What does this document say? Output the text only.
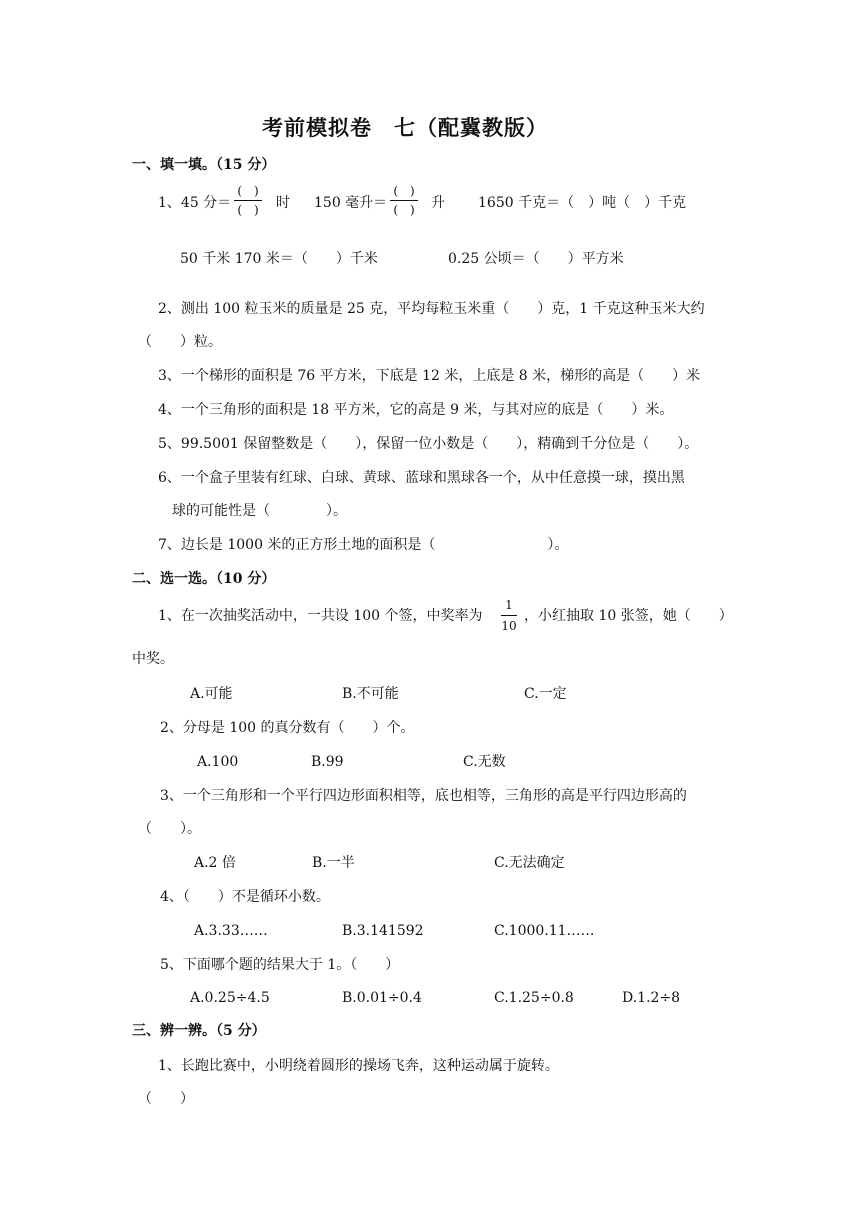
考前模拟卷　七（配冀教版）
一、填一填。（15 分）
1、45 分＝
(　)
(　) 时 150 毫升＝
(　)
(　) 升 1650 千克＝（　）吨（　）千克
50 千米 170 米＝（　　）千米	0.25 公顷＝（　　）平方米
2、测出 100 粒玉米的质量是 25 克，平均每粒玉米重（　　）克，1 千克这种玉米大约
（　　）粒。
3、一个梯形的面积是 76 平方米，下底是 12 米，上底是 8 米，梯形的高是（　　）米
4、一个三角形的面积是 18 平方米，它的高是 9 米，与其对应的底是（　　）米。
5、99.5001 保留整数是（　　），保留一位小数是（　　），精确到千分位是（　　）。
6、一个盒子里装有红球、白球、黄球、蓝球和黑球各一个，从中任意摸一球，摸出黑
球的可能性是（　　　　）。
7、边长是 1000 米的正方形土地的面积是（　　　　　　　　）。
二、选一选。（10 分）
1、在一次抽奖活动中，一共设 100 个签，中奖率为
1
10
，小红抽取 10 张签，她（　　）
中奖。
A.可能	B.不可能	C.一定
2、分母是 100 的真分数有（　　）个。
A.100	B.99	C.无数
3、一个三角形和一个平行四边形面积相等，底也相等，三角形的高是平行四边形高的
（　　）。
A.2 倍	B.一半	C.无法确定
4、（　　）不是循环小数。
A.3.33……	B.3.141592	C.1000.11……
5、下面哪个题的结果大于 1。（　　）
A.0.25÷4.5	B.0.01÷0.4	C.1.25÷0.8	D.1.2÷8
三、辨一辨。（5 分）
1、长跑比赛中，小明绕着圆形的操场飞奔，这种运动属于旋转。
（　　）
